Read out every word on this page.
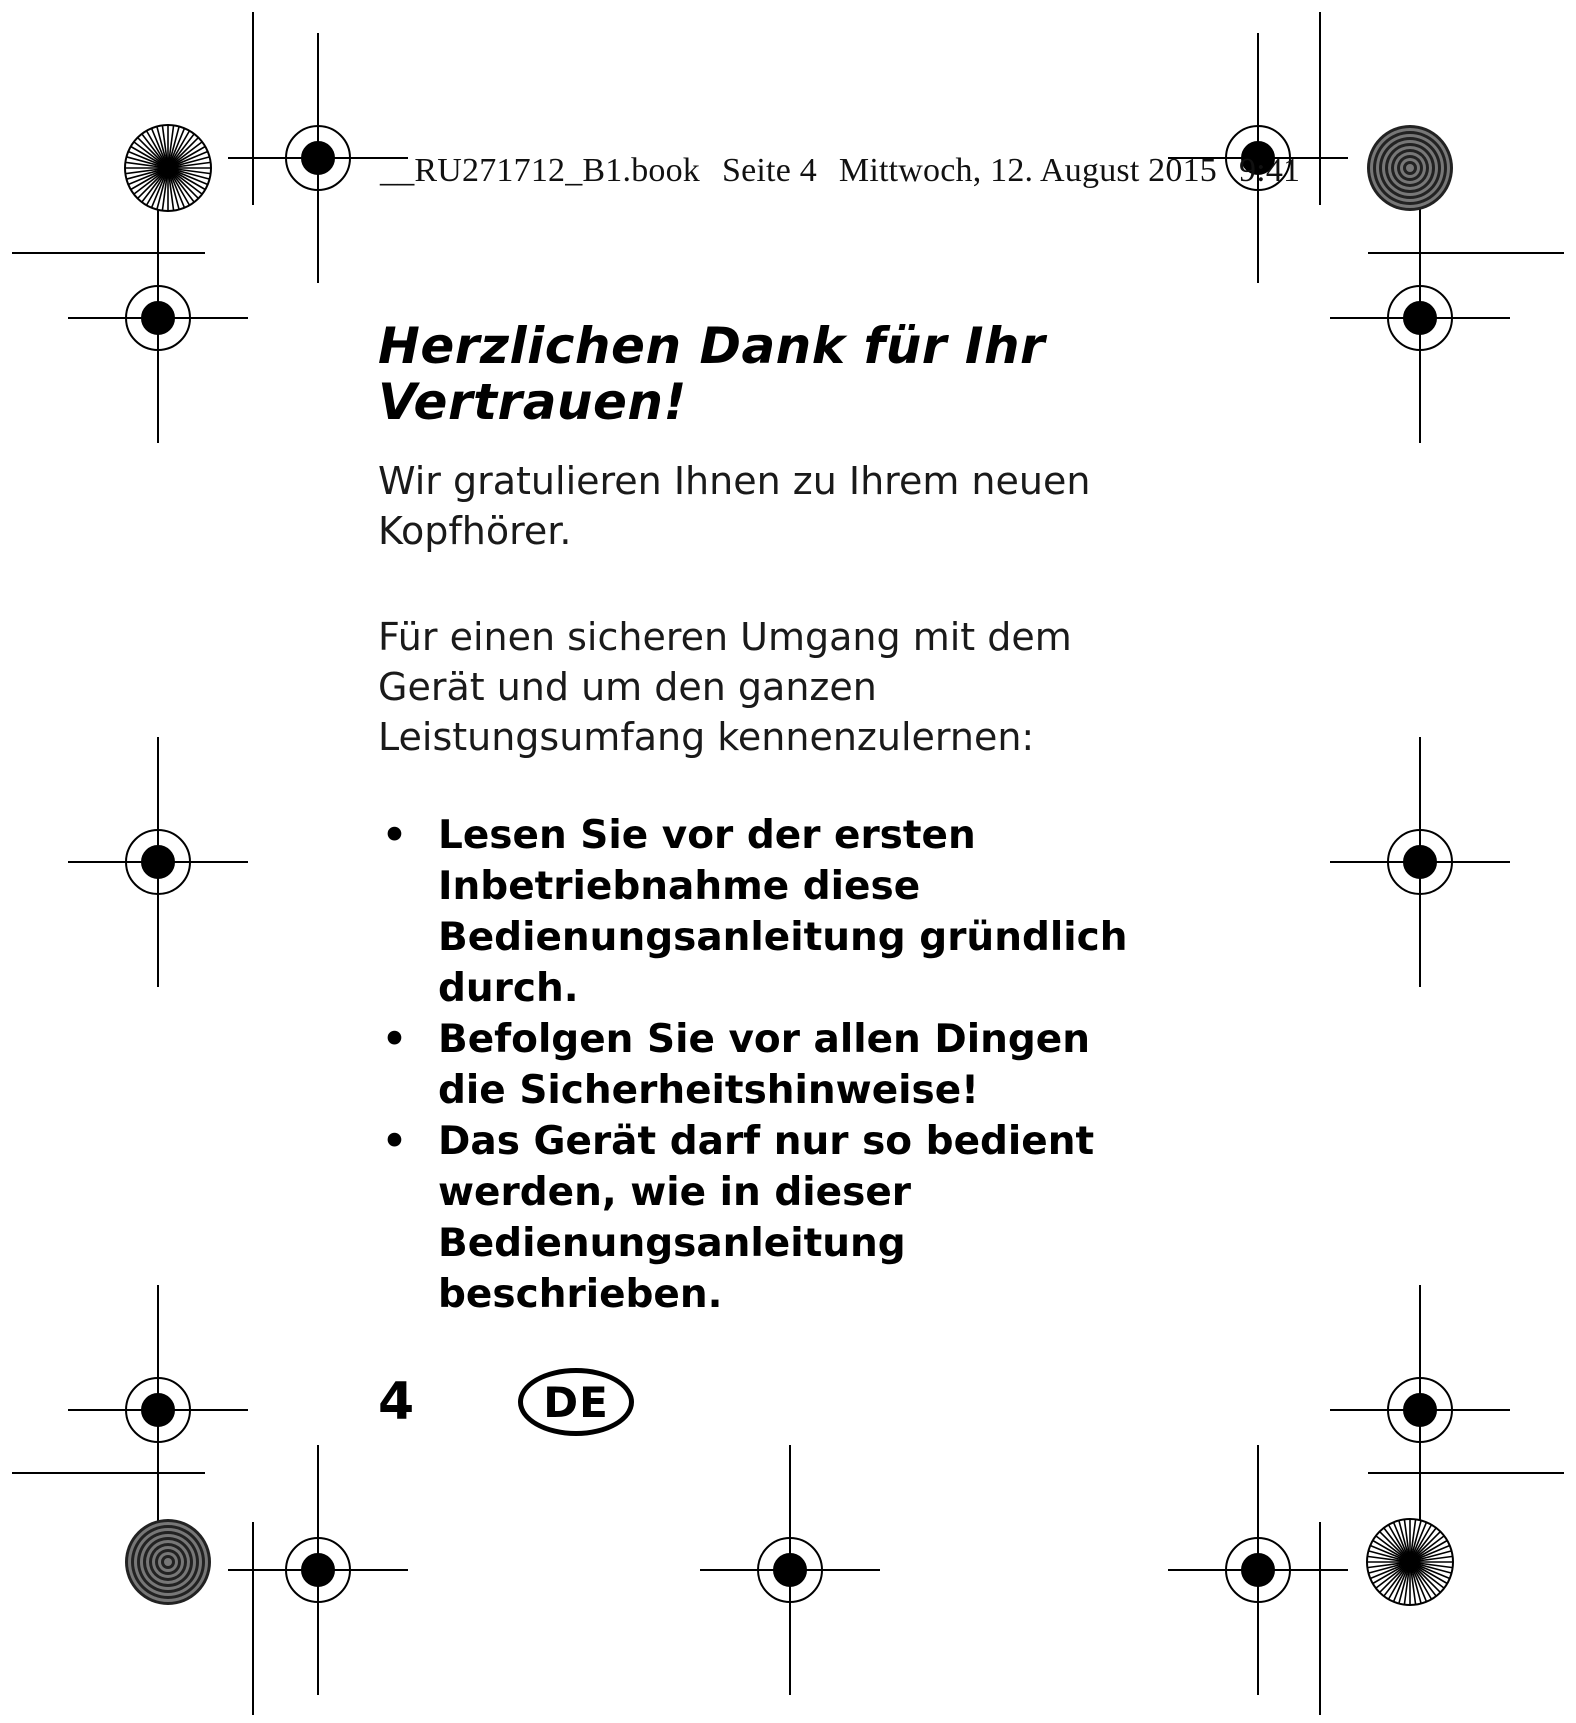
__RU271712_B1.book Seite 4 Mittwoch, 12. August 2015 9:41
Herzlichen Dank für Ihr Vertrauen!

Wir gratulieren Ihnen zu Ihrem neuen Kopfhörer.

Für einen sicheren Umgang mit dem Gerät und um den ganzen Leistungsumfang kennenzulernen:

• Lesen Sie vor der ersten Inbetriebnahme diese Bedienungsanleitung gründlich durch.
• Befolgen Sie vor allen Dingen die Sicherheitshinweise!
• Das Gerät darf nur so bedient werden, wie in dieser Bedienungsanleitung beschrieben.
4	DE
